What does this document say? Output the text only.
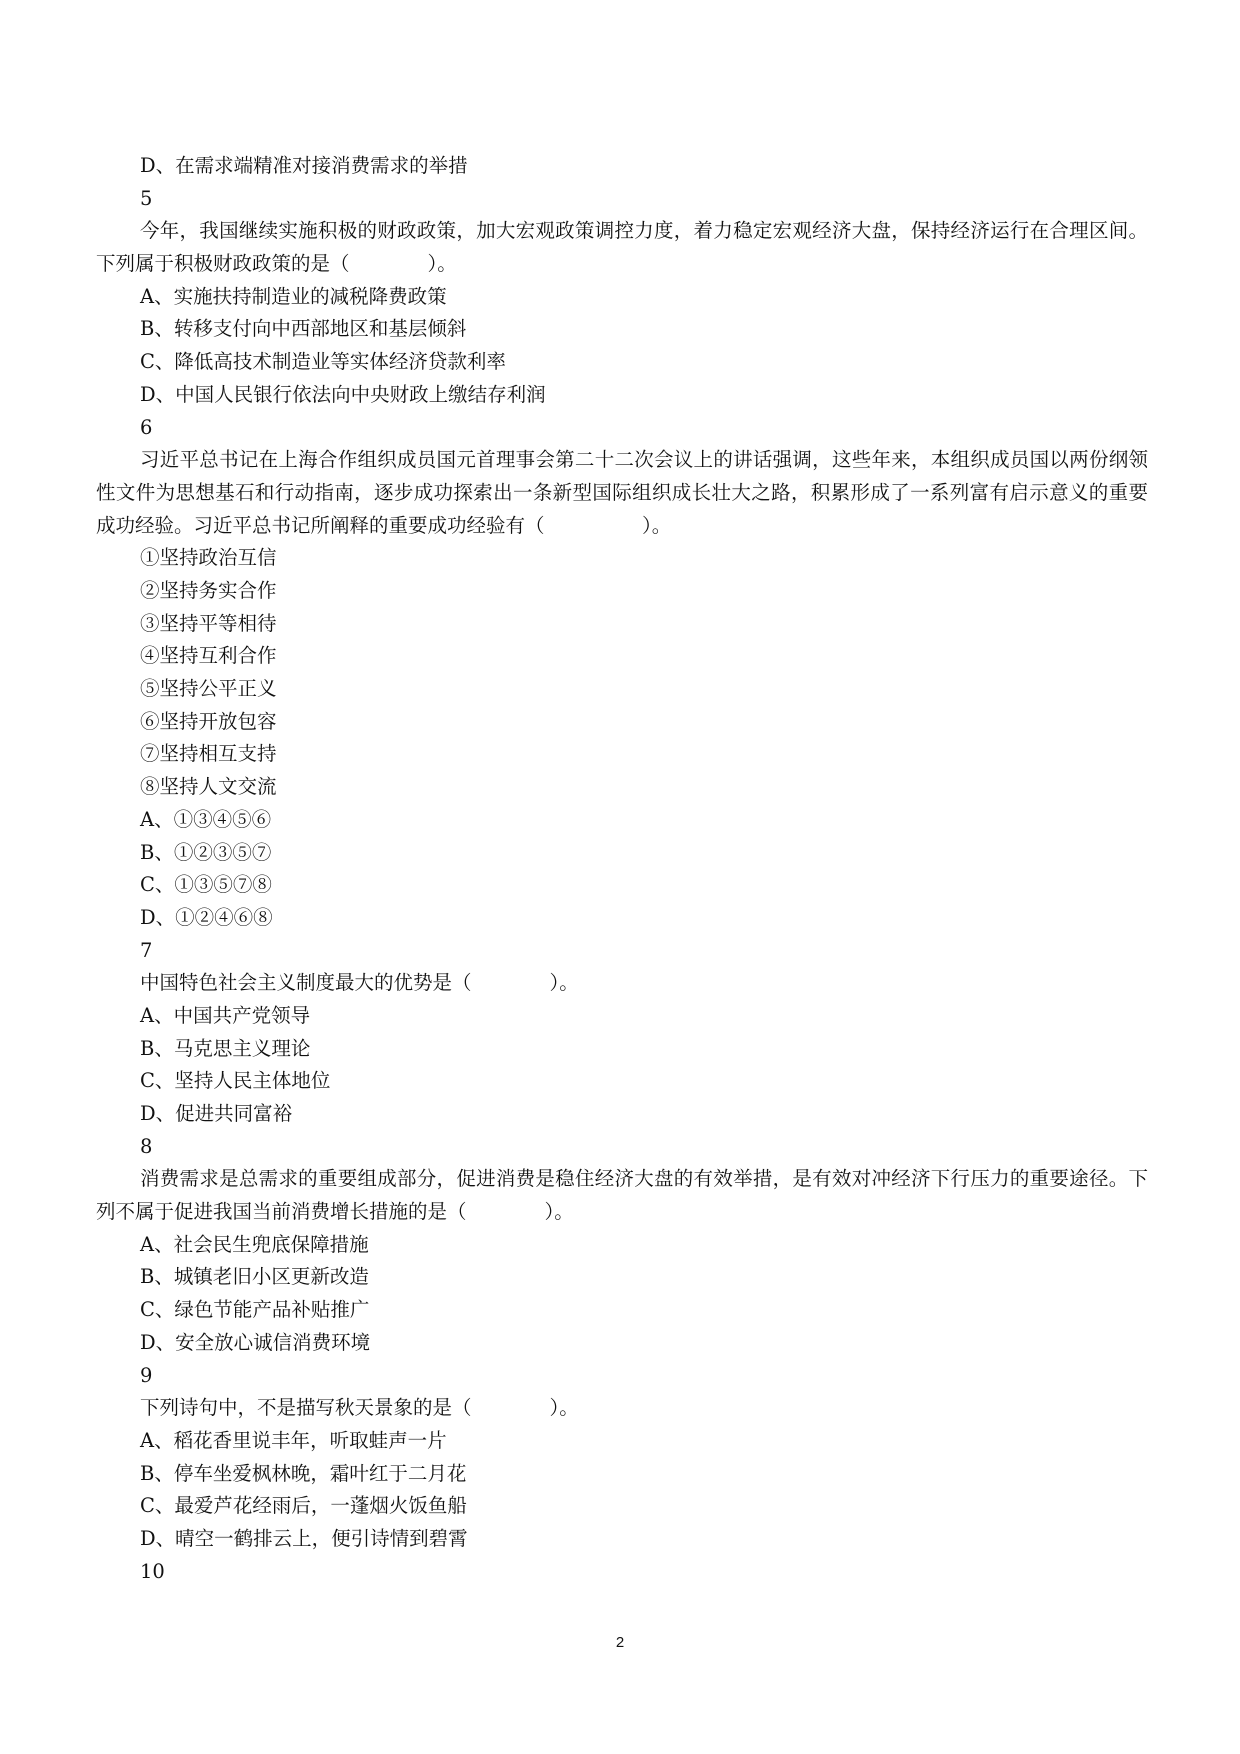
D、在需求端精准对接消费需求的举措
5

今年，我国继续实施积极的财政政策，加大宏观政策调控力度，着力稳定宏观经济大盘，保持经济运行在合理区间。下列属于积极财政政策的是（　　　　）。

A、实施扶持制造业的减税降费政策
B、转移支付向中西部地区和基层倾斜
C、降低高技术制造业等实体经济贷款利率
D、中国人民银行依法向中央财政上缴结存利润
6

习近平总书记在上海合作组织成员国元首理事会第二十二次会议上的讲话强调，这些年来，本组织成员国以两份纲领性文件为思想基石和行动指南，逐步成功探索出一条新型国际组织成长壮大之路，积累形成了一系列富有启示意义的重要成功经验。习近平总书记所阐释的重要成功经验有（　　　　　）。

①坚持政治互信
②坚持务实合作
③坚持平等相待
④坚持互利合作
⑤坚持公平正义
⑥坚持开放包容
⑦坚持相互支持
⑧坚持人文交流
A、①③④⑤⑥
B、①②③⑤⑦
C、①③⑤⑦⑧
D、①②④⑥⑧
7
中国特色社会主义制度最大的优势是（　　　　）。
A、中国共产党领导
B、马克思主义理论
C、坚持人民主体地位
D、促进共同富裕
8

消费需求是总需求的重要组成部分，促进消费是稳住经济大盘的有效举措，是有效对冲经济下行压力的重要途径。下列不属于促进我国当前消费增长措施的是（　　　　）。

A、社会民生兜底保障措施
B、城镇老旧小区更新改造
C、绿色节能产品补贴推广
D、安全放心诚信消费环境
9
下列诗句中，不是描写秋天景象的是（　　　　）。
A、稻花香里说丰年，听取蛙声一片
B、停车坐爱枫林晚，霜叶红于二月花
C、最爱芦花经雨后，一蓬烟火饭鱼船
D、晴空一鹤排云上，便引诗情到碧霄
10
2
